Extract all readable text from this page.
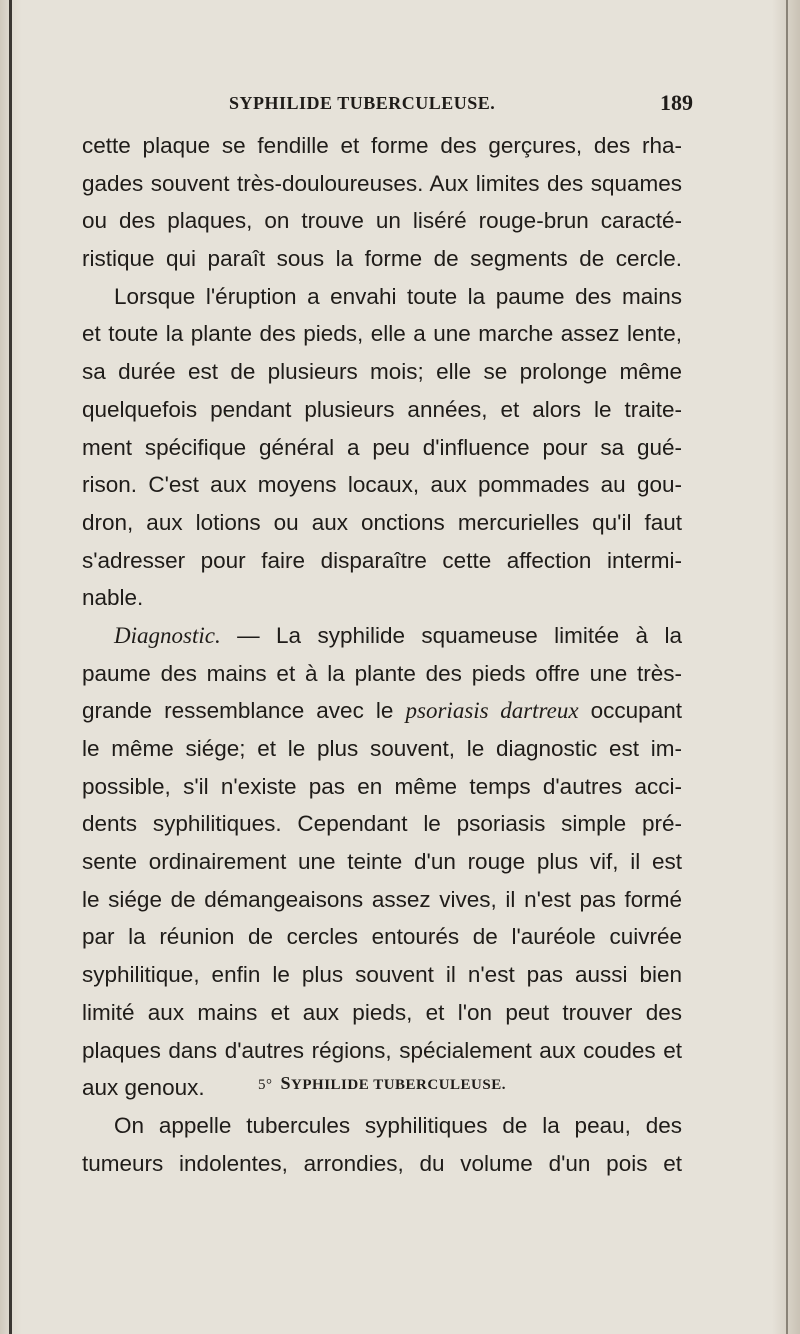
SYPHILIDE TUBERCULEUSE.	189
cette plaque se fendille et forme des gerçures, des rha-
gades souvent très-douloureuses. Aux limites des squames
ou des plaques, on trouve un liséré rouge-brun caracté-
ristique qui paraît sous la forme de segments de cercle.
Lorsque l'éruption a envahi toute la paume des mains
et toute la plante des pieds, elle a une marche assez lente,
sa durée est de plusieurs mois; elle se prolonge même
quelquefois pendant plusieurs années, et alors le traite-
ment spécifique général a peu d'influence pour sa gué-
rison. C'est aux moyens locaux, aux pommades au gou-
dron, aux lotions ou aux onctions mercurielles qu'il faut
s'adresser pour faire disparaître cette affection intermi-
nable.
Diagnostic. — La syphilide squameuse limitée à la
paume des mains et à la plante des pieds offre une très-
grande ressemblance avec le psoriasis dartreux occupant
le même siége; et le plus souvent, le diagnostic est im-
possible, s'il n'existe pas en même temps d'autres acci-
dents syphilitiques. Cependant le psoriasis simple pré-
sente ordinairement une teinte d'un rouge plus vif, il est
le siége de démangeaisons assez vives, il n'est pas formé
par la réunion de cercles entourés de l'auréole cuivrée
syphilitique, enfin le plus souvent il n'est pas aussi bien
limité aux mains et aux pieds, et l'on peut trouver des
plaques dans d'autres régions, spécialement aux coudes et
aux genoux.	5° SYPHILIDE TUBERCULEUSE.
On appelle tubercules syphilitiques de la peau, des
tumeurs indolentes, arrondies, du volume d'un pois et
